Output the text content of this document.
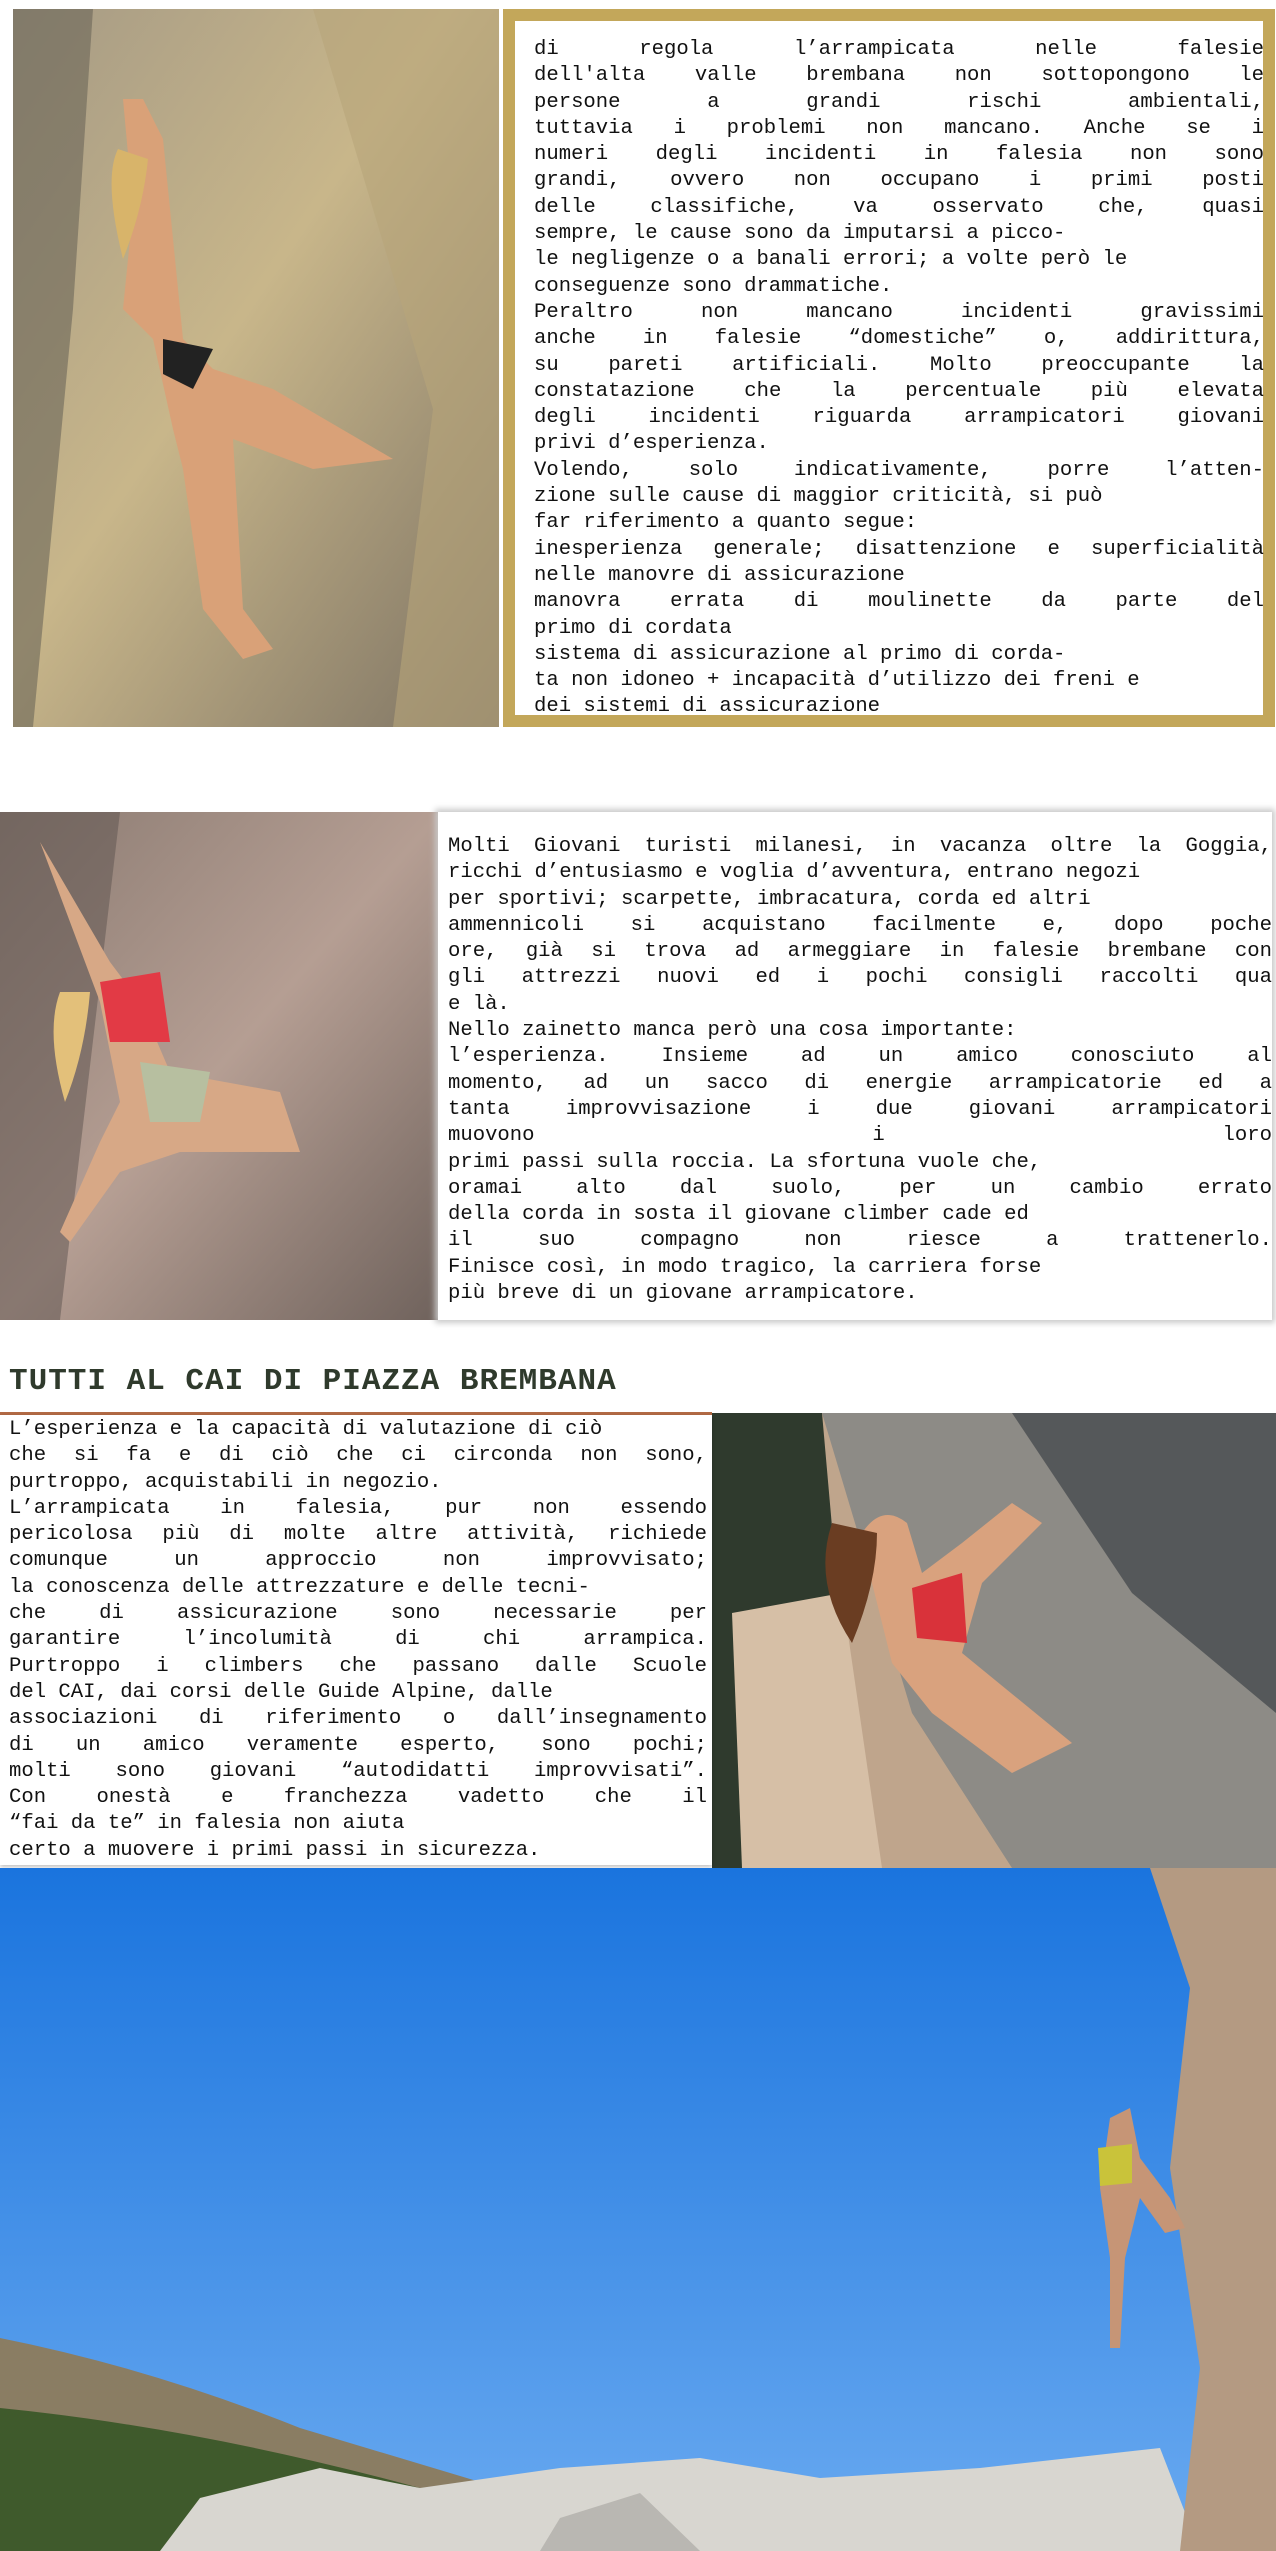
di regola l’arrampicata nelle falesie
dell'alta valle brembana non sottopongono le
persone a grandi rischi ambientali,
tuttavia i problemi non mancano. Anche se i
numeri degli incidenti in falesia non sono
grandi, ovvero non occupano i primi posti
delle classifiche, va osservato che, quasi
sempre, le cause sono da imputarsi a picco-
le negligenze o a banali errori; a volte però le
conseguenze sono drammatiche.
Peraltro non mancano incidenti gravissimi
anche in falesie “domestiche” o, addirittura,
su pareti artificiali. Molto preoccupante la
constatazione che la percentuale più elevata
degli incidenti riguarda arrampicatori giovani
privi d’esperienza.
Volendo, solo indicativamente, porre l’atten-
zione sulle cause di maggior criticità, si può
far riferimento a quanto segue:
inesperienza generale; disattenzione e superficialità
nelle manovre di assicurazione
manovra errata di moulinette da parte del
primo di cordata
sistema di assicurazione al primo di corda-
ta non idoneo + incapacità d’utilizzo dei freni e
dei sistemi di assicurazione
Molti Giovani turisti milanesi, in vacanza oltre la Goggia,
ricchi d’entusiasmo e voglia d’avventura, entrano negozi
per sportivi; scarpette, imbracatura, corda ed altri
ammennicoli si acquistano facilmente e, dopo poche
ore, già si trova ad armeggiare in falesie brembane con
gli attrezzi nuovi ed i pochi consigli raccolti qua
e là.
Nello zainetto manca però una cosa importante:
l’esperienza. Insieme ad un amico conosciuto al
momento, ad un sacco di energie arrampicatorie ed a
tanta improvvisazione i due giovani arrampicatori
muovono i loro
primi passi sulla roccia. La sfortuna vuole che,
oramai alto dal suolo, per un cambio errato
della corda in sosta il giovane climber cade ed
il suo compagno non riesce a trattenerlo.
Finisce così, in modo tragico, la carriera forse
più breve di un giovane arrampicatore.
TUTTI AL CAI DI PIAZZA BREMBANA
L’esperienza e la capacità di valutazione di ciò
che si fa e di ciò che ci circonda non sono,
purtroppo, acquistabili in negozio.
L’arrampicata in falesia, pur non essendo
pericolosa più di molte altre attività, richiede
comunque un approccio non improvvisato;
la conoscenza delle attrezzature e delle tecni-
che di assicurazione sono necessarie per
garantire l’incolumità di chi arrampica.
Purtroppo i climbers che passano dalle Scuole
del CAI, dai corsi delle Guide Alpine, dalle
associazioni di riferimento o dall’insegnamento
di un amico veramente esperto, sono pochi;
molti sono giovani “autodidatti improvvisati”.
Con onestà e franchezza vadetto che il
“fai da te” in falesia non aiuta
certo a muovere i primi passi in sicurezza.
